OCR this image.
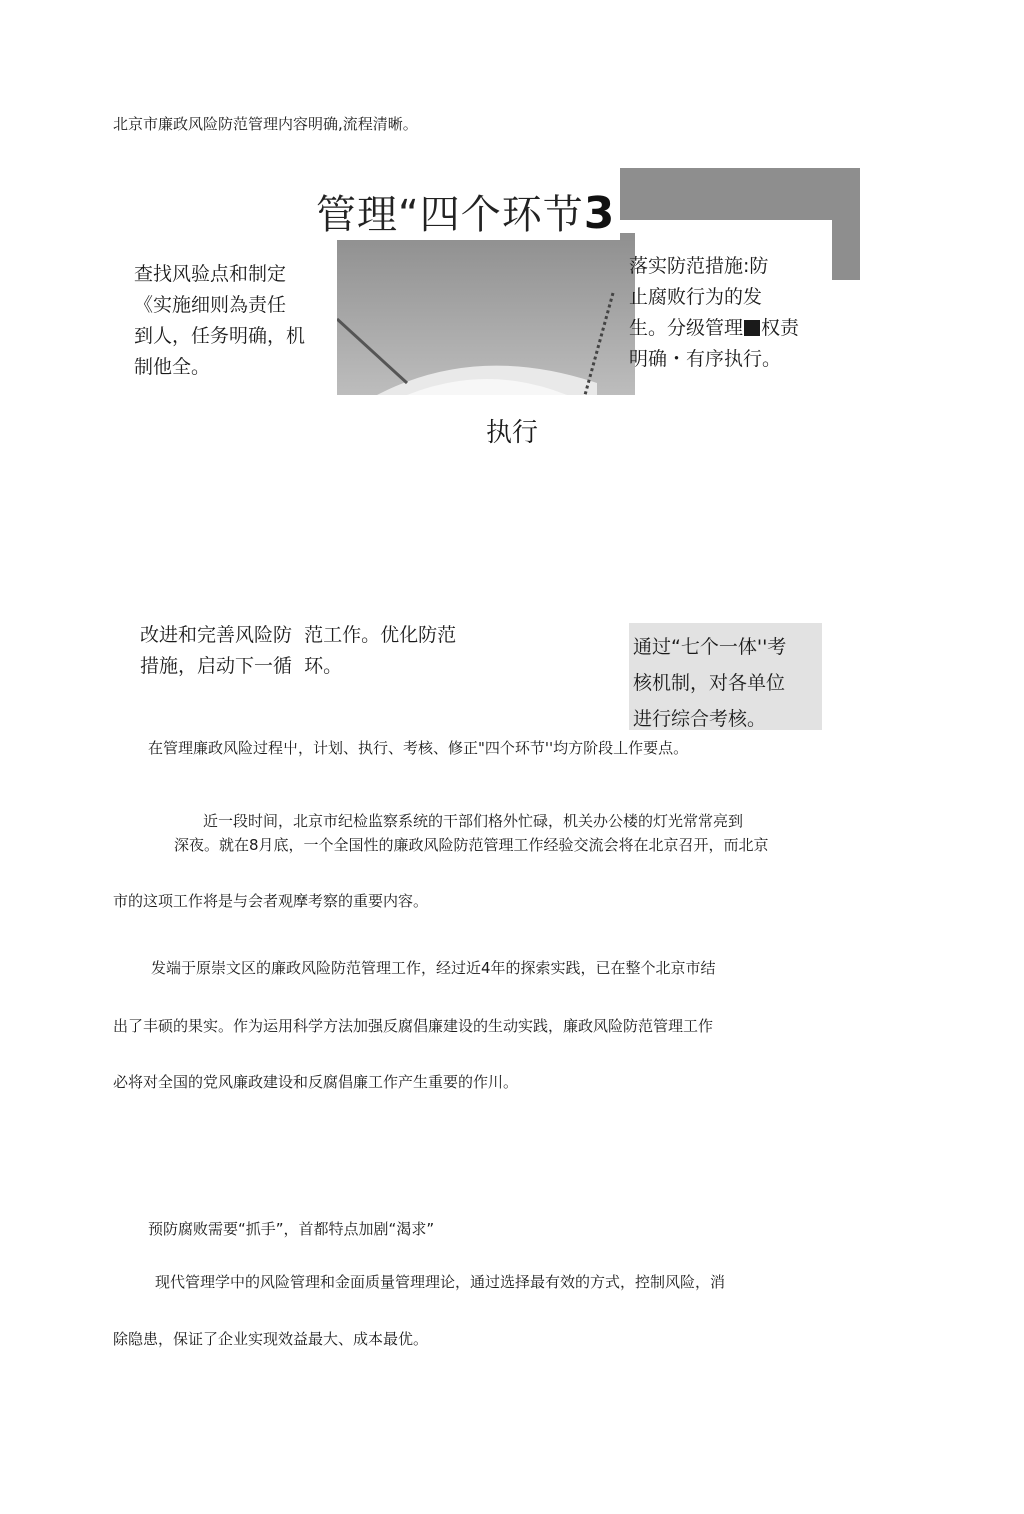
北京市廉政风险防范管理内容明确,流程清晰。

管理“四个环节3
查找风验点和制定
《实施细则為责任
到人，任务明确，机
制他全。
落实防范措施:防
止腐败行为的发
生。分级管理 权责
明确・有序执行。

执行

改进和完善风险防  范工作。优化防范
措施，启动下一循  环。
通过“七个一体''考
核机制，对各单位
进行综合考核。

在管理廉政风险过程屮，计划、执行、考核、修正"四个环节''均方阶段丄作要点。

近一段时间，北京市纪检监察系统的干部们格外忙碌，机关办公楼的灯光常常亮到

深夜。就在8月底，一个全国性的廉政风险防范管理工作经验交流会将在北京召开，而北京

市的这项工作将是与会者观摩考察的重要内容。

发端于原崇文区的廉政风险防范管理工作，经过近4年的探索实践，已在整个北京市结

出了丰硕的果实。作为运用科学方法加强反腐倡廉建设的生动实践，廉政风险防范管理工作

必将对全国的党风廉政建设和反腐倡廉工作产生重要的作川。

预防腐败需要“抓手”，首都特点加剧“渴求”

现代管理学中的风险管理和金面质量管理理论，通过选择最有效的方式，控制风险，消

除隐患，保证了企业实现效益最大、成本最优。
